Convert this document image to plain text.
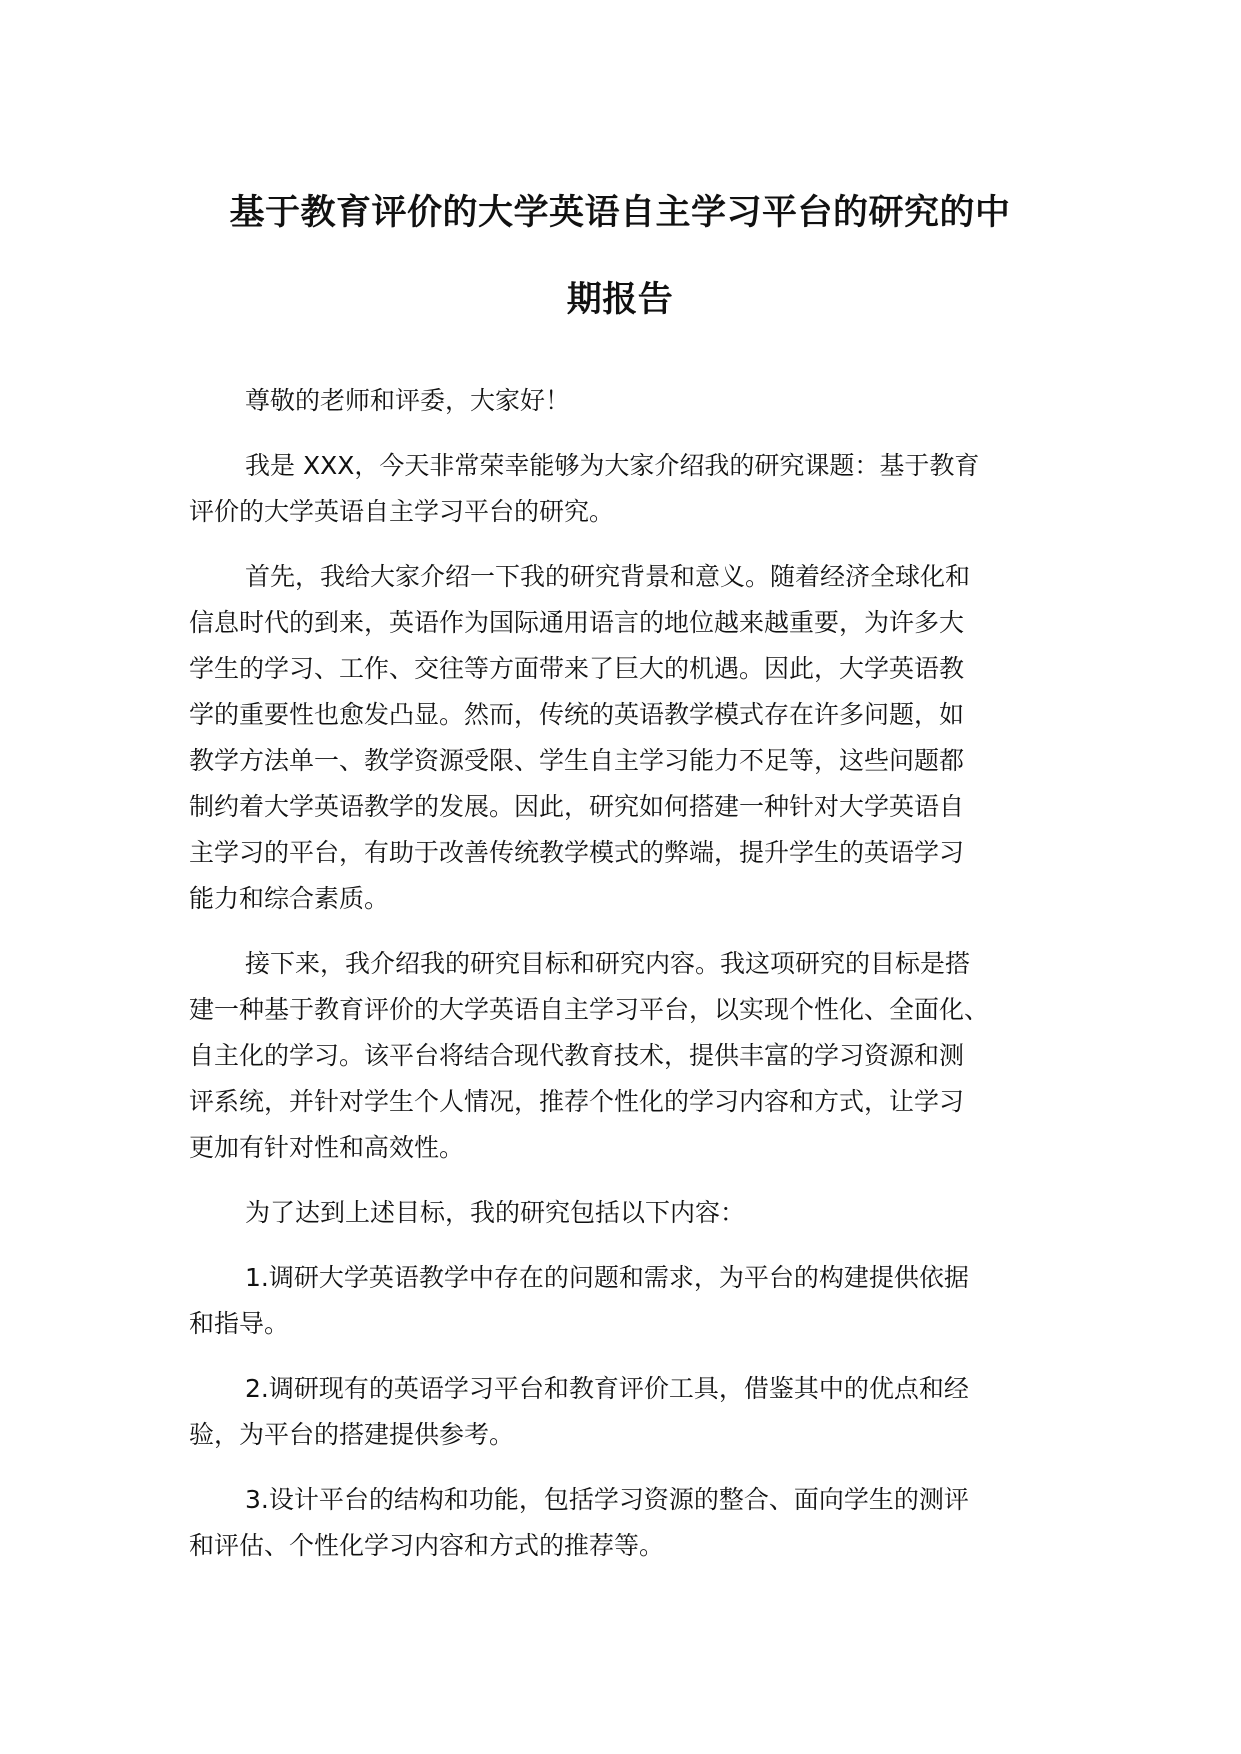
基于教育评价的大学英语自主学习平台的研究的中
期报告

尊敬的老师和评委，大家好！

我是 XXX，今天非常荣幸能够为大家介绍我的研究课题：基于教育
评价的大学英语自主学习平台的研究。

首先，我给大家介绍一下我的研究背景和意义。随着经济全球化和
信息时代的到来，英语作为国际通用语言的地位越来越重要，为许多大
学生的学习、工作、交往等方面带来了巨大的机遇。因此，大学英语教
学的重要性也愈发凸显。然而，传统的英语教学模式存在许多问题，如
教学方法单一、教学资源受限、学生自主学习能力不足等，这些问题都
制约着大学英语教学的发展。因此，研究如何搭建一种针对大学英语自
主学习的平台，有助于改善传统教学模式的弊端，提升学生的英语学习
能力和综合素质。

接下来，我介绍我的研究目标和研究内容。我这项研究的目标是搭
建一种基于教育评价的大学英语自主学习平台，以实现个性化、全面化、
自主化的学习。该平台将结合现代教育技术，提供丰富的学习资源和测
评系统，并针对学生个人情况，推荐个性化的学习内容和方式，让学习
更加有针对性和高效性。

为了达到上述目标，我的研究包括以下内容：

1.调研大学英语教学中存在的问题和需求，为平台的构建提供依据
和指导。

2.调研现有的英语学习平台和教育评价工具，借鉴其中的优点和经
验，为平台的搭建提供参考。

3.设计平台的结构和功能，包括学习资源的整合、面向学生的测评
和评估、个性化学习内容和方式的推荐等。
